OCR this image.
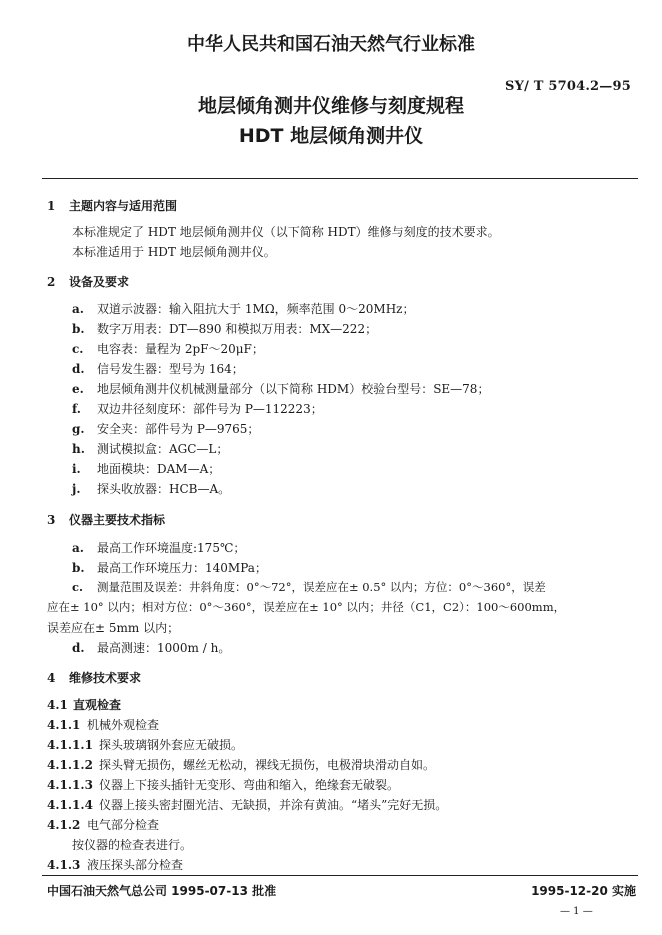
中华人民共和国石油天然气行业标准
SY/ T 5704.2—95
地层倾角测井仪维修与刻度规程
HDT 地层倾角测井仪
1 主题内容与适用范围
本标准规定了 HDT 地层倾角测井仪（以下简称 HDT）维修与刻度的技术要求。
本标准适用于 HDT 地层倾角测井仪。
2 设备及要求
a. 双道示波器：输入阻抗大于 1MΩ，频率范围 0～20MHz；
b. 数字万用表：DT—890 和模拟万用表：MX—222；
c. 电容表：量程为 2pF～20μF；
d. 信号发生器：型号为 164；
e. 地层倾角测井仪机械测量部分（以下简称 HDM）校验台型号：SE—78；
f. 双边井径刻度环：部件号为 P—112223；
g. 安全夹：部件号为 P—9765；
h. 测试模拟盒：AGC—L；
i. 地面模块：DAM—A；
j. 探头收放器：HCB—A。
3 仪器主要技术指标
a. 最高工作环境温度:175℃；
b. 最高工作环境压力：140MPa；
c. 测量范围及误差：井斜角度：0°～72°，误差应在± 0.5° 以内；方位：0°～360°，误差
应在± 10° 以内；相对方位：0°～360°，误差应在± 10° 以内；井径（C1，C2）：100～600mm，
误差应在± 5mm 以内；
d. 最高测速：1000m / h。
4 维修技术要求
4.1 直观检查
4.1.1 机械外观检查
4.1.1.1 探头玻璃钢外套应无破损。
4.1.1.2 探头臂无损伤，螺丝无松动，裸线无损伤，电极滑块滑动自如。
4.1.1.3 仪器上下接头插针无变形、弯曲和缩入，绝缘套无破裂。
4.1.1.4 仪器上接头密封圈光洁、无缺损，并涂有黄油。“堵头”完好无损。
4.1.2 电气部分检查
按仪器的检查表进行。
4.1.3 液压探头部分检查
中国石油天然气总公司 1995-07-13 批准	1995-12-20 实施
— 1 —
